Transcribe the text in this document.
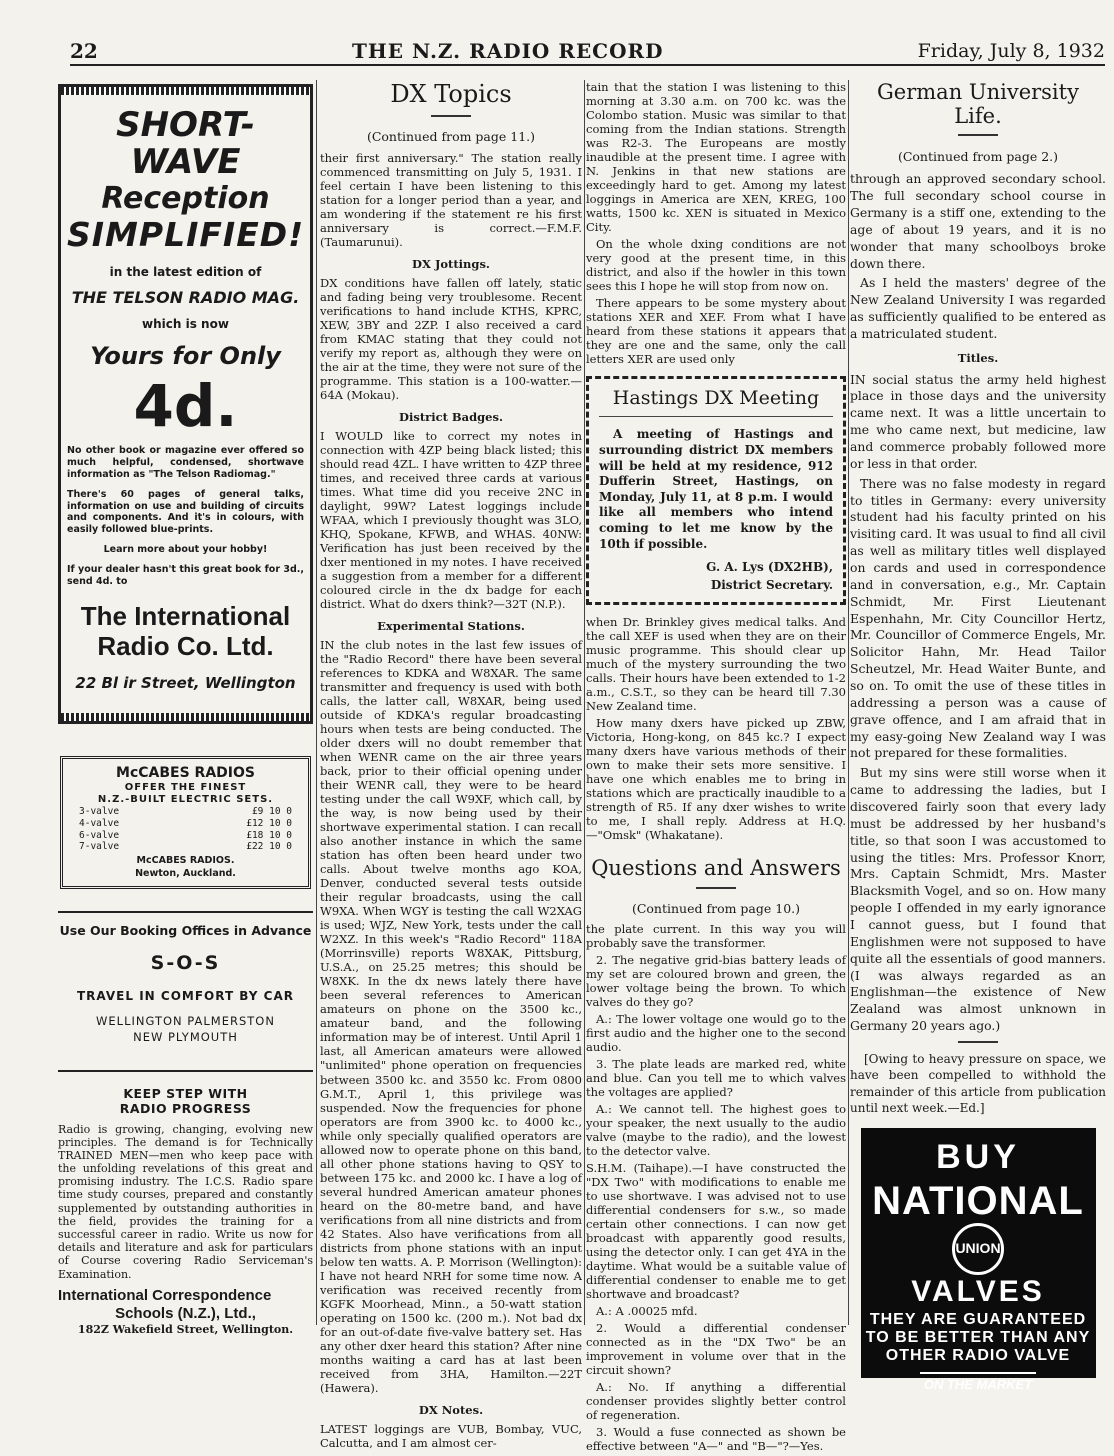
22	THE N.Z. RADIO RECORD	Friday, July 8, 1932
SHORT-WAVE
Reception
SIMPLIFIED!
in the latest edition of
THE TELSON RADIO MAG.
which is now
Yours for Only
4d.
No other book or magazine ever offered so much helpful, condensed, shortwave information as "The Telson Radiomag."
There's 60 pages of general talks, information on use and building of circuits and components. And it's in colours, with easily followed blue-prints.
Learn more about your hobby!
If your dealer hasn't this great book for 3d., send 4d. to
The International Radio Co. Ltd.
22 Bl ir Street, Wellington
McCABES RADIOS
OFFER THE FINEST
N.Z.-BUILT ELECTRIC SETS.
3-valve	£9 10 0
4-valve	£12 10 0
6-valve	£18 10 0
7-valve	£22 10 0
McCABES RADIOS.
Newton, Auckland.
Use Our Booking Offices in Advance
S-O-S
TRAVEL IN COMFORT BY CAR
WELLINGTON PALMERSTON
NEW PLYMOUTH
KEEP STEP WITH
RADIO PROGRESS
Radio is growing, changing, evolving new principles. The demand is for Technically TRAINED MEN—men who keep pace with the unfolding revelations of this great and promising industry. The I.C.S. Radio spare time study courses, prepared and constantly supplemented by outstanding authorities in the field, provides the training for a successful career in radio. Write us now for details and literature and ask for particulars of Course covering Radio Serviceman's Examination.
International Correspondence
Schools (N.Z.), Ltd.,
182Z Wakefield Street, Wellington.
DX Topics
(Continued from page 11.)

their first anniversary." The station really commenced transmitting on July 5, 1931. I feel certain I have been listening to this station for a longer period than a year, and am wondering if the statement re his first anniversary is correct.—F.M.F. (Taumarunui).

DX Jottings.

DX conditions have fallen off lately, static and fading being very troublesome. Recent verifications to hand include KTHS, KPRC, XEW, 3BY and 2ZP. I also received a card from KMAC stating that they could not verify my report as, although they were on the air at the time, they were not sure of the programme. This station is a 100-watter.—64A (Mokau).

District Badges.

I WOULD like to correct my notes in connection with 4ZP being black listed; this should read 4ZL. I have written to 4ZP three times, and received three cards at various times. What time did you receive 2NC in daylight, 99W? Latest loggings include WFAA, which I previously thought was 3LO, KHQ, Spokane, KFWB, and WHAS. 40NW: Verification has just been received by the dxer mentioned in my notes. I have received a suggestion from a member for a different coloured circle in the dx badge for each district. What do dxers think?—32T (N.P.).

Experimental Stations.

IN the club notes in the last few issues of the "Radio Record" there have been several references to KDKA and W8XAR. The same transmitter and frequency is used with both calls, the latter call, W8XAR, being used outside of KDKA's regular broadcasting hours when tests are being conducted. The older dxers will no doubt remember that when WENR came on the air three years back, prior to their official opening under their WENR call, they were to be heard testing under the call W9XF, which call, by the way, is now being used by their shortwave experimental station. I can recall also another instance in which the same station has often been heard under two calls. About twelve months ago KOA, Denver, conducted several tests outside their regular broadcasts, using the call W9XA. When WGY is testing the call W2XAG is used; WJZ, New York, tests under the call W2XZ. In this week's "Radio Record" 118A (Morrinsville) reports W8XAK, Pittsburg, U.S.A., on 25.25 metres; this should be W8XK. In the dx news lately there have been several references to American amateurs on phone on the 3500 kc., amateur band, and the following information may be of interest. Until April 1 last, all American amateurs were allowed "unlimited" phone operation on frequencies between 3500 kc. and 3550 kc. From 0800 G.M.T., April 1, this privilege was suspended. Now the frequencies for phone operators are from 3900 kc. to 4000 kc., while only specially qualified operators are allowed now to operate phone on this band, all other phone stations having to QSY to between 175 kc. and 2000 kc. I have a log of several hundred American amateur phones heard on the 80-metre band, and have verifications from all nine districts and from 42 States. Also have verifications from all districts from phone stations with an input below ten watts. A. P. Morrison (Wellington): I have not heard NRH for some time now. A verification was received recently from KGFK Moorhead, Minn., a 50-watt station operating on 1500 kc. (200 m.). Not bad dx for an out-of-date five-valve battery set. Has any other dxer heard this station? After nine months waiting a card has at last been received from 3HA, Hamilton.—22T (Hawera).

DX Notes.

LATEST loggings are VUB, Bombay, VUC, Calcutta, and I am almost cer-

tain that the station I was listening to this morning at 3.30 a.m. on 700 kc. was the Colombo station. Music was similar to that coming from the Indian stations. Strength was R2-3. The Europeans are mostly inaudible at the present time. I agree with N. Jenkins in that new stations are exceedingly hard to get. Among my latest loggings in America are XEN, KREG, 100 watts, 1500 kc. XEN is situated in Mexico City.

On the whole dxing conditions are not very good at the present time, in this district, and also if the howler in this town sees this I hope he will stop from now on.

There appears to be some mystery about stations XER and XEF. From what I have heard from these stations it appears that they are one and the same, only the call letters XER are used only

Hastings DX Meeting
A meeting of Hastings and surrounding district DX members will be held at my residence, 912 Dufferin Street, Hastings, on Monday, July 11, at 8 p.m. I would like all members who intend coming to let me know by the 10th if possible.
G. A. Lys (DX2HB),
District Secretary.

when Dr. Brinkley gives medical talks. And the call XEF is used when they are on their music programme. This should clear up much of the mystery surrounding the two calls. Their hours have been extended to 1-2 a.m., C.S.T., so they can be heard till 7.30 New Zealand time.

How many dxers have picked up ZBW, Victoria, Hong-kong, on 845 kc.? I expect many dxers have various methods of their own to make their sets more sensitive. I have one which enables me to bring in stations which are practically inaudible to a strength of R5. If any dxer wishes to write to me, I shall reply. Address at H.Q.—"Omsk" (Whakatane).

Questions and Answers
(Continued from page 10.)

the plate current. In this way you will probably save the transformer.

2. The negative grid-bias battery leads of my set are coloured brown and green, the lower voltage being the brown. To which valves do they go?

A.: The lower voltage one would go to the first audio and the higher one to the second audio.

3. The plate leads are marked red, white and blue. Can you tell me to which valves the voltages are applied?

A.: We cannot tell. The highest goes to your speaker, the next usually to the audio valve (maybe to the radio), and the lowest to the detector valve.

S.H.M. (Taihape).—I have constructed the "DX Two" with modifications to enable me to use shortwave. I was advised not to use differential condensers for s.w., so made certain other connections. I can now get broadcast with apparently good results, using the detector only. I can get 4YA in the daytime. What would be a suitable value of differential condenser to enable me to get shortwave and broadcast?

A.: A .00025 mfd.

2. Would a differential condenser connected as in the "DX Two" be an improvement in volume over that in the circuit shown?

A.: No. If anything a differential condenser provides slightly better control of regeneration.

3. Would a fuse connected as shown be effective between "A—" and "B—"?—Yes.

German University Life.
(Continued from page 2.)

through an approved secondary school. The full secondary school course in Germany is a stiff one, extending to the age of about 19 years, and it is no wonder that many schoolboys broke down there.

As I held the masters' degree of the New Zealand University I was regarded as sufficiently qualified to be entered as a matriculated student.

Titles.

IN social status the army held highest place in those days and the university came next. It was a little uncertain to me who came next, but medicine, law and commerce probably followed more or less in that order.

There was no false modesty in regard to titles in Germany: every university student had his faculty printed on his visiting card. It was usual to find all civil as well as military titles well displayed on cards and used in correspondence and in conversation, e.g., Mr. Captain Schmidt, Mr. First Lieutenant Espenhahn, Mr. City Councillor Hertz, Mr. Councillor of Commerce Engels, Mr. Solicitor Hahn, Mr. Head Tailor Scheutzel, Mr. Head Waiter Bunte, and so on. To omit the use of these titles in addressing a person was a cause of grave offence, and I am afraid that in my easy-going New Zealand way I was not prepared for these formalities.

But my sins were still worse when it came to addressing the ladies, but I discovered fairly soon that every lady must be addressed by her husband's title, so that soon I was accustomed to using the titles: Mrs. Professor Knorr, Mrs. Captain Schmidt, Mrs. Master Blacksmith Vogel, and so on. How many people I offended in my early ignorance I cannot guess, but I found that Englishmen were not supposed to have quite all the essentials of good manners. (I was always regarded as an Englishman—the existence of New Zealand was almost unknown in Germany 20 years ago.)

[Owing to heavy pressure on space, we have been compelled to withhold the remainder of this article from publication until next week.—Ed.]

BUY
NATIONAL
UNION
VALVES
THEY ARE GUARANTEED TO BE BETTER THAN ANY OTHER RADIO VALVE
ON THE MARKET
